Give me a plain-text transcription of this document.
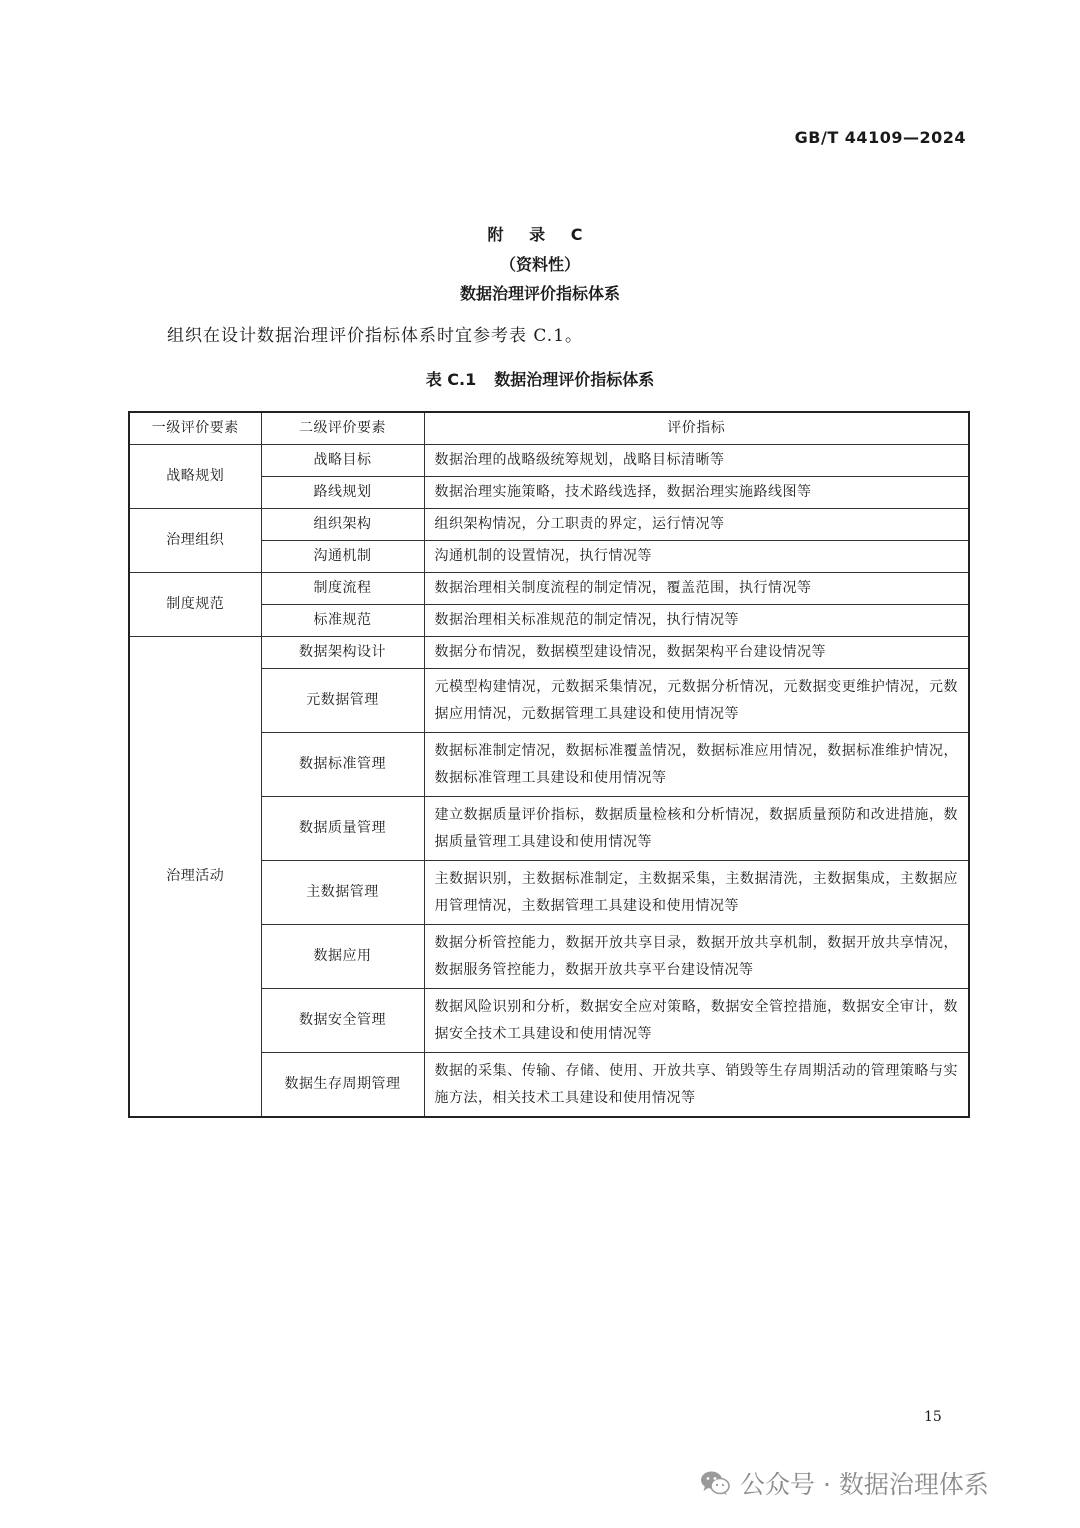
GB/T 44109—2024
附 录 C
（资料性）
数据治理评价指标体系
组织在设计数据治理评价指标体系时宜参考表 C.1。
表 C.1 数据治理评价指标体系
一级评价要素	二级评价要素	评价指标
战略规划	战略目标	数据治理的战略级统筹规划，战略目标清晰等
	路线规划	数据治理实施策略，技术路线选择，数据治理实施路线图等
治理组织	组织架构	组织架构情况，分工职责的界定，运行情况等
	沟通机制	沟通机制的设置情况，执行情况等
制度规范	制度流程	数据治理相关制度流程的制定情况，覆盖范围，执行情况等
	标准规范	数据治理相关标准规范的制定情况，执行情况等
治理活动	数据架构设计	数据分布情况，数据模型建设情况，数据架构平台建设情况等
	元数据管理	元模型构建情况，元数据采集情况，元数据分析情况，元数据变更维护情况，元数据应用情况，元数据管理工具建设和使用情况等
	数据标准管理	数据标准制定情况，数据标准覆盖情况，数据标准应用情况，数据标准维护情况，数据标准管理工具建设和使用情况等
	数据质量管理	建立数据质量评价指标，数据质量检核和分析情况，数据质量预防和改进措施，数据质量管理工具建设和使用情况等
	主数据管理	主数据识别，主数据标准制定，主数据采集，主数据清洗，主数据集成，主数据应用管理情况，主数据管理工具建设和使用情况等
	数据应用	数据分析管控能力，数据开放共享目录，数据开放共享机制，数据开放共享情况，数据服务管控能力，数据开放共享平台建设情况等
	数据安全管理	数据风险识别和分析，数据安全应对策略，数据安全管控措施，数据安全审计，数据安全技术工具建设和使用情况等
	数据生存周期管理	数据的采集、传输、存储、使用、开放共享、销毁等生存周期活动的管理策略与实施方法，相关技术工具建设和使用情况等
15
公众号 · 数据治理体系
